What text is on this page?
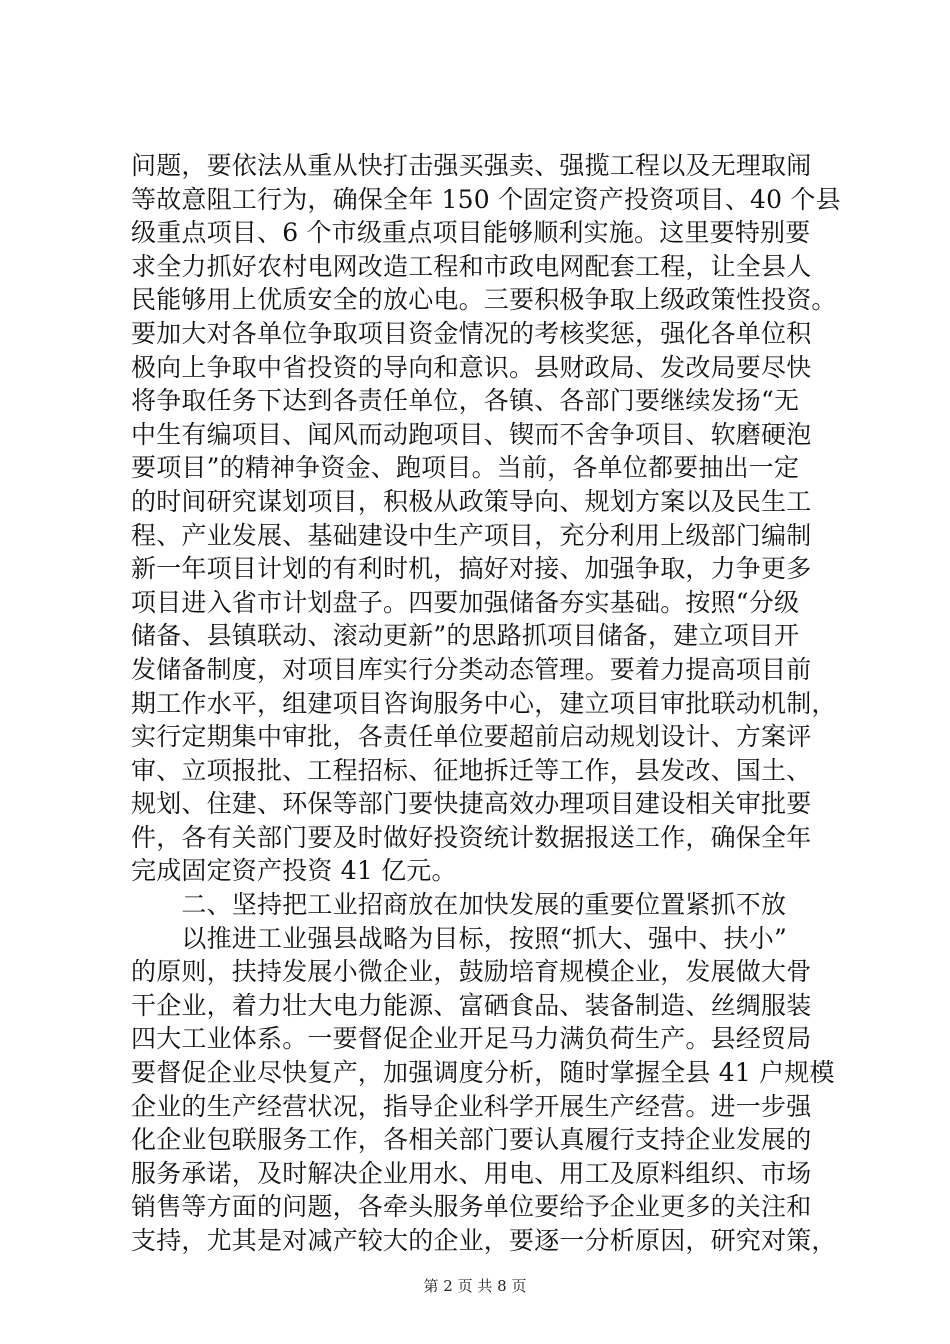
问题，要依法从重从快打击强买强卖、强揽工程以及无理取闹
等故意阻工行为，确保全年 150 个固定资产投资项目、40 个县
级重点项目、6 个市级重点项目能够顺利实施。这里要特别要
求全力抓好农村电网改造工程和市政电网配套工程，让全县人
民能够用上优质安全的放心电。三要积极争取上级政策性投资。
要加大对各单位争取项目资金情况的考核奖惩，强化各单位积
极向上争取中省投资的导向和意识。县财政局、发改局要尽快
将争取任务下达到各责任单位，各镇、各部门要继续发扬“无
中生有编项目、闻风而动跑项目、锲而不舍争项目、软磨硬泡
要项目”的精神争资金、跑项目。当前，各单位都要抽出一定
的时间研究谋划项目，积极从政策导向、规划方案以及民生工
程、产业发展、基础建设中生产项目，充分利用上级部门编制
新一年项目计划的有利时机，搞好对接、加强争取，力争更多
项目进入省市计划盘子。四要加强储备夯实基础。按照“分级
储备、县镇联动、滚动更新”的思路抓项目储备，建立项目开
发储备制度，对项目库实行分类动态管理。要着力提高项目前
期工作水平，组建项目咨询服务中心，建立项目审批联动机制，
实行定期集中审批，各责任单位要超前启动规划设计、方案评
审、立项报批、工程招标、征地拆迁等工作，县发改、国土、
规划、住建、环保等部门要快捷高效办理项目建设相关审批要
件，各有关部门要及时做好投资统计数据报送工作，确保全年
完成固定资产投资 41 亿元。
　　二、坚持把工业招商放在加快发展的重要位置紧抓不放
　　以推进工业强县战略为目标，按照“抓大、强中、扶小”
的原则，扶持发展小微企业，鼓励培育规模企业，发展做大骨
干企业，着力壮大电力能源、富硒食品、装备制造、丝绸服装
四大工业体系。一要督促企业开足马力满负荷生产。县经贸局
要督促企业尽快复产，加强调度分析，随时掌握全县 41 户规模
企业的生产经营状况，指导企业科学开展生产经营。进一步强
化企业包联服务工作，各相关部门要认真履行支持企业发展的
服务承诺，及时解决企业用水、用电、用工及原料组织、市场
销售等方面的问题，各牵头服务单位要给予企业更多的关注和
支持，尤其是对减产较大的企业，要逐一分析原因，研究对策，
第 2 页 共 8 页
